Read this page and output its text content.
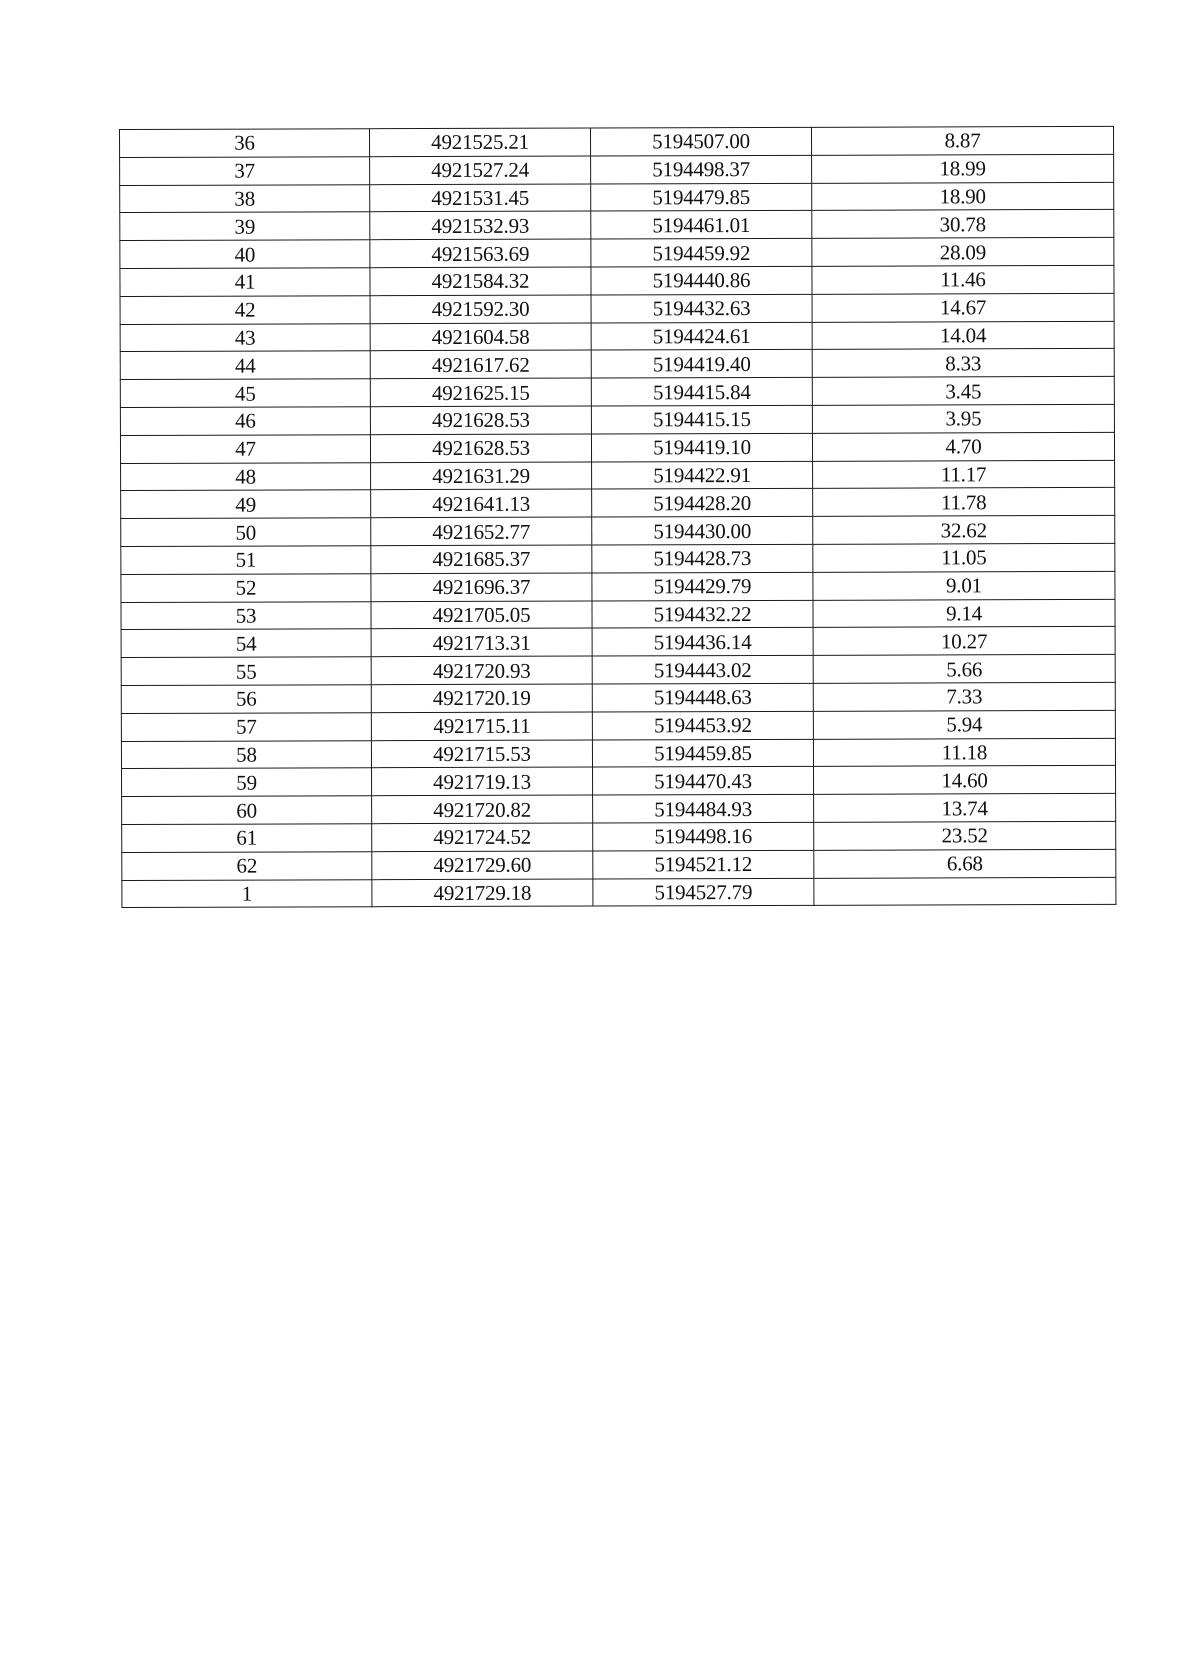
36	4921525.21	5194507.00	8.87
37	4921527.24	5194498.37	18.99
38	4921531.45	5194479.85	18.90
39	4921532.93	5194461.01	30.78
40	4921563.69	5194459.92	28.09
41	4921584.32	5194440.86	11.46
42	4921592.30	5194432.63	14.67
43	4921604.58	5194424.61	14.04
44	4921617.62	5194419.40	8.33
45	4921625.15	5194415.84	3.45
46	4921628.53	5194415.15	3.95
47	4921628.53	5194419.10	4.70
48	4921631.29	5194422.91	11.17
49	4921641.13	5194428.20	11.78
50	4921652.77	5194430.00	32.62
51	4921685.37	5194428.73	11.05
52	4921696.37	5194429.79	9.01
53	4921705.05	5194432.22	9.14
54	4921713.31	5194436.14	10.27
55	4921720.93	5194443.02	5.66
56	4921720.19	5194448.63	7.33
57	4921715.11	5194453.92	5.94
58	4921715.53	5194459.85	11.18
59	4921719.13	5194470.43	14.60
60	4921720.82	5194484.93	13.74
61	4921724.52	5194498.16	23.52
62	4921729.60	5194521.12	6.68
1	4921729.18	5194527.79	
